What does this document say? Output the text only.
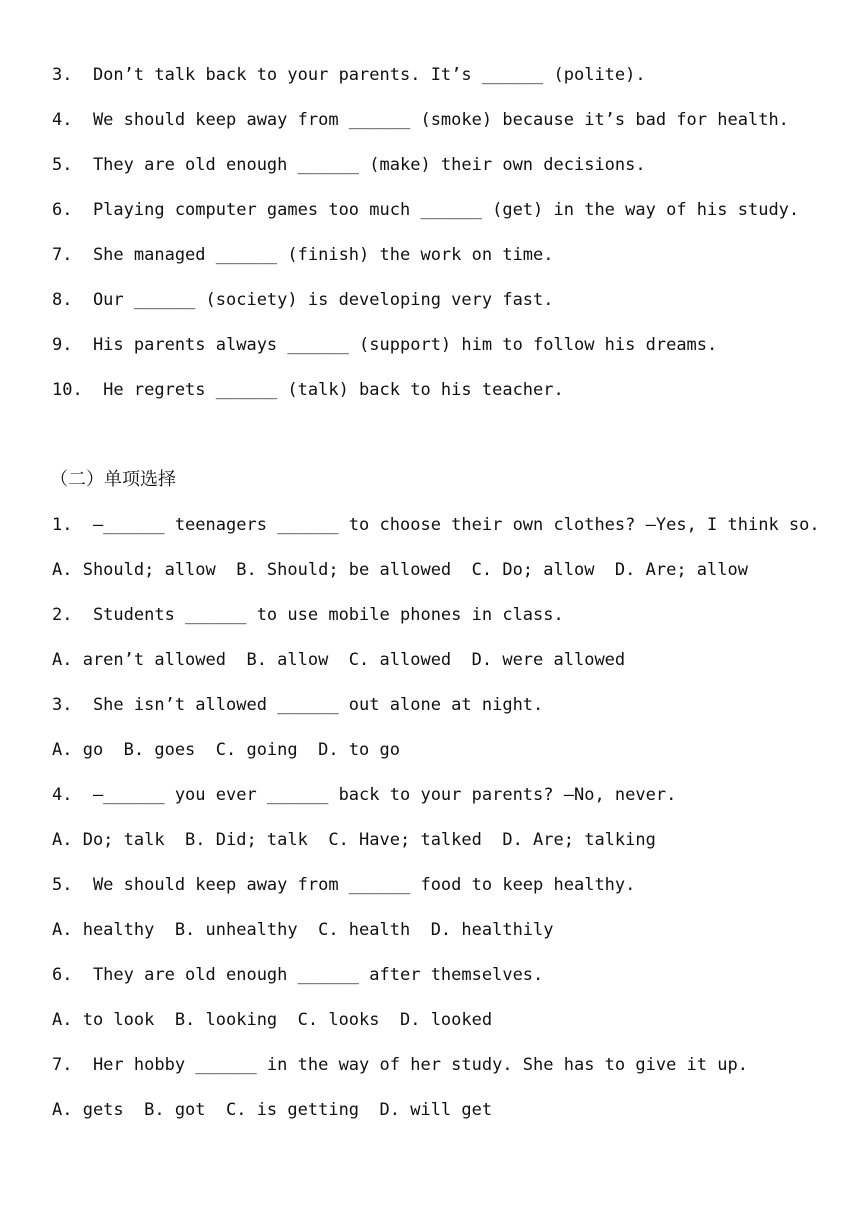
3.  Don’t talk back to your parents. It’s ______ (polite).
4.  We should keep away from ______ (smoke) because it’s bad for health.
5.  They are old enough ______ (make) their own decisions.
6.  Playing computer games too much ______ (get) in the way of his study.
7.  She managed ______ (finish) the work on time.
8.  Our ______ (society) is developing very fast.
9.  His parents always ______ (support) him to follow his dreams.
10.  He regrets ______ (talk) back to his teacher.
（二）单项选择
1.  —______ teenagers ______ to choose their own clothes? —Yes, I think so.
A. Should; allow  B. Should; be allowed  C. Do; allow  D. Are; allow
2.  Students ______ to use mobile phones in class.
A. aren’t allowed  B. allow  C. allowed  D. were allowed
3.  She isn’t allowed ______ out alone at night.
A. go  B. goes  C. going  D. to go
4.  —______ you ever ______ back to your parents? —No, never.
A. Do; talk  B. Did; talk  C. Have; talked  D. Are; talking
5.  We should keep away from ______ food to keep healthy.
A. healthy  B. unhealthy  C. health  D. healthily
6.  They are old enough ______ after themselves.
A. to look  B. looking  C. looks  D. looked
7.  Her hobby ______ in the way of her study. She has to give it up.
A. gets  B. got  C. is getting  D. will get
